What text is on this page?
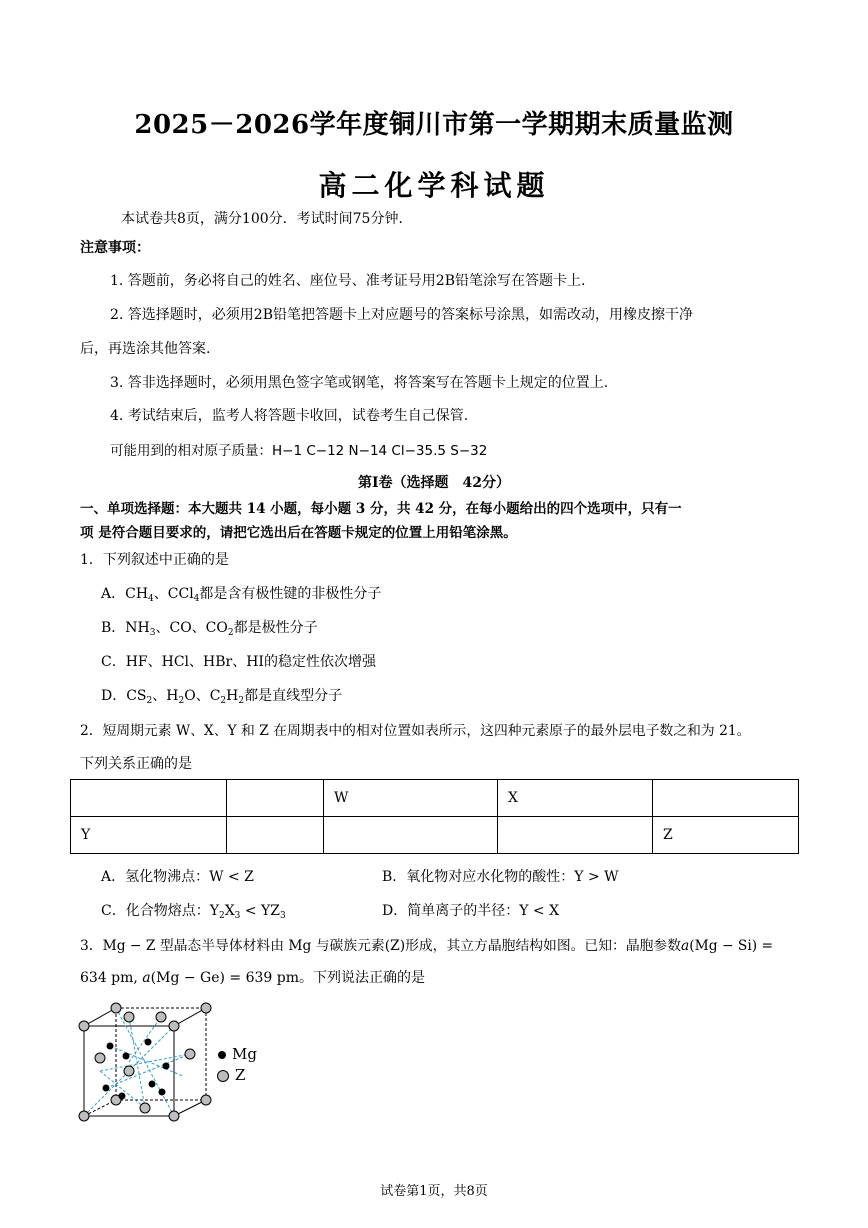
2025－2026学年度铜川市第一学期期末质量监测
高二化学科试题
本试卷共8页，满分100分．考试时间75分钟．
注意事项：
1. 答题前，务必将自己的姓名、座位号、准考证号用2B铅笔涂写在答题卡上.
2. 答选择题时，必须用2B铅笔把答题卡上对应题号的答案标号涂黑，如需改动，用橡皮擦干净
后，再选涂其他答案.
3. 答非选择题时，必须用黑色签字笔或钢笔，将答案写在答题卡上规定的位置上.
4. 考试结束后，监考人将答题卡收回，试卷考生自己保管.
可能用到的相对原子质量：H−1 C−12 N−14 Cl−35.5 S−32
第Ⅰ卷（选择题　42分）
一、单项选择题：本大题共 14 小题，每小题 3 分，共 42 分，在每小题给出的四个选项中，只有一
项 是符合题目要求的，请把它选出后在答题卡规定的位置上用铅笔涂黑。
1．下列叙述中正确的是
A．$CH_4$、CCl$_4$都是含有极性键的非极性分子
B．$NH_3$、CO、$CO_2$都是极性分子
C．HF、HCl、HBr、HI的稳定性依次增强
D．$CS_2$、$H_2O$、$C_2H_2$都是直线型分子
2．短周期元素 W、X、Y 和 Z 在周期表中的相对位置如表所示，这四种元素原子的最外层电子数之和为 21。
下列关系正确的是
		W	X	
Y				Z
A．氢化物沸点：W < Z	B．氧化物对应水化物的酸性：Y > W
C．化合物熔点：$Y_2X_3 < YZ_3$	D．简单离子的半径：Y < X
3．Mg − Z 型晶态半导体材料由 Mg 与碳族元素(Z)形成，其立方晶胞结构如图。已知：晶胞参数𝑎(Mg − Si) =
634 pm, 𝑎(Mg − Ge) = 639 pm。下列说法正确的是
Mg
Z
试卷第1页，共8页
